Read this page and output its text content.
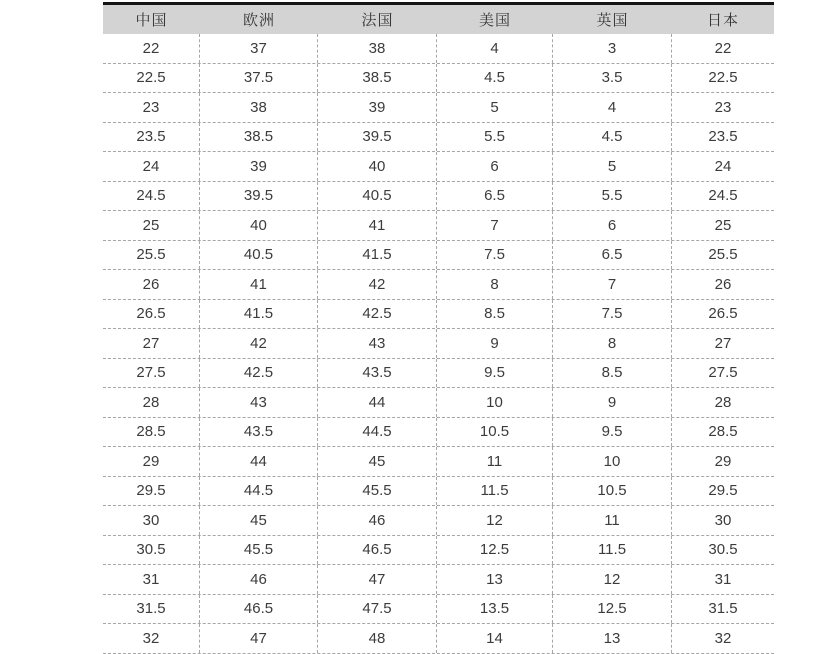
中国	欧洲	法国	美国	英国	日本
22	37	38	4	3	22
22.5	37.5	38.5	4.5	3.5	22.5
23	38	39	5	4	23
23.5	38.5	39.5	5.5	4.5	23.5
24	39	40	6	5	24
24.5	39.5	40.5	6.5	5.5	24.5
25	40	41	7	6	25
25.5	40.5	41.5	7.5	6.5	25.5
26	41	42	8	7	26
26.5	41.5	42.5	8.5	7.5	26.5
27	42	43	9	8	27
27.5	42.5	43.5	9.5	8.5	27.5
28	43	44	10	9	28
28.5	43.5	44.5	10.5	9.5	28.5
29	44	45	11	10	29
29.5	44.5	45.5	11.5	10.5	29.5
30	45	46	12	11	30
30.5	45.5	46.5	12.5	11.5	30.5
31	46	47	13	12	31
31.5	46.5	47.5	13.5	12.5	31.5
32	47	48	14	13	32
